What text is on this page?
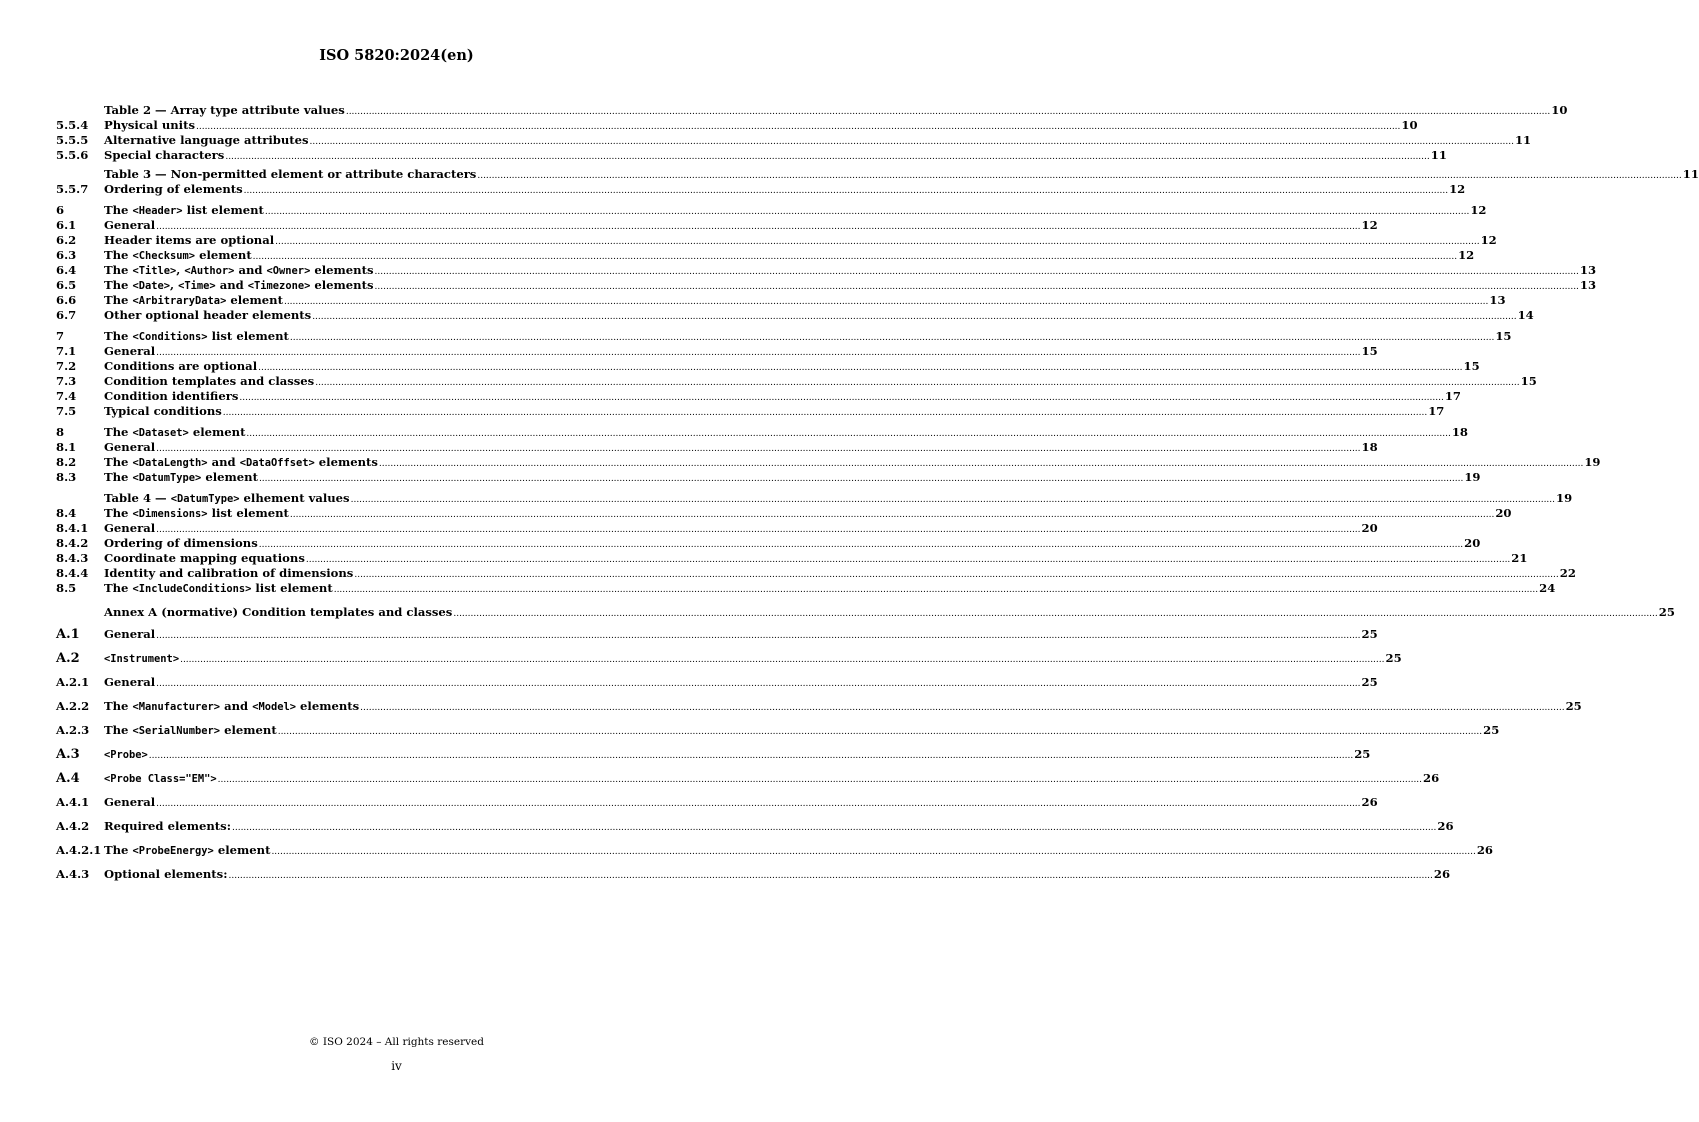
ISO 5820:2024(en)
Table 2 — Array type attribute values .....	10
5.5.4	Physical units .....	10
5.5.5	Alternative language attributes .....	11
5.5.6	Special characters .....	11
Table 3 — Non-permitted element or attribute characters .....	11
5.5.7	Ordering of elements .....	12
6	The <Header> list element .....	12
6.1	General .....	12
6.2	Header items are optional .....	12
6.3	The <Checksum> element .....	12
6.4	The <Title>, <Author> and <Owner> elements .....	13
6.5	The <Date>, <Time> and <Timezone> elements .....	13
6.6	The <ArbitraryData> element .....	13
6.7	Other optional header elements .....	14
7	The <Conditions> list element .....	15
7.1	General .....	15
7.2	Conditions are optional .....	15
7.3	Condition templates and classes .....	15
7.4	Condition identifiers .....	17
7.5	Typical conditions .....	17
8	The <Dataset> element .....	18
8.1	General .....	18
8.2	The <DataLength> and <DataOffset> elements .....	19
8.3	The <DatumType> element .....	19
Table 4 — <DatumType> elhement values .....	19
8.4	The <Dimensions> list element .....	20
8.4.1	General .....	20
8.4.2	Ordering of dimensions .....	20
8.4.3	Coordinate mapping equations .....	21
8.4.4	Identity and calibration of dimensions .....	22
8.5	The <IncludeConditions> list element .....	24
Annex A (normative) Condition templates and classes .....	25
A.1	General .....	25
A.2	<Instrument> .....	25
A.2.1	General .....	25
A.2.2	The <Manufacturer> and <Model> elements .....	25
A.2.3	The <SerialNumber> element .....	25
A.3	<Probe> .....	25
A.4	<Probe Class="EM"> .....	26
A.4.1	General .....	26
A.4.2	Required elements: .....	26
A.4.2.1 The <ProbeEnergy> element .....	26
A.4.3	Optional elements: .....	26
© ISO 2024 – All rights reserved
iv
